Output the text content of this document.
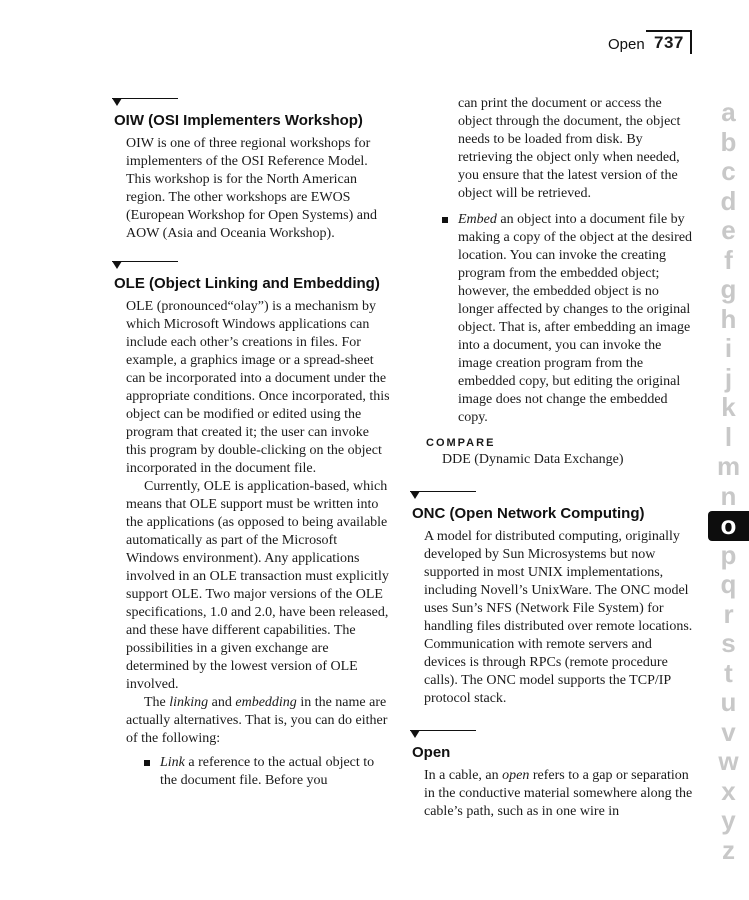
Open 737
OIW (OSI Implementers Workshop)

OIW is one of three regional workshops for implementers of the OSI Reference Model. This workshop is for the North American region. The other workshops are EWOS (European Workshop for Open Systems) and AOW (Asia and Oceania Workshop).

OLE (Object Linking and Embedding)

OLE (pronounced“olay”) is a mechanism by which Microsoft Windows applications can include each other’s creations in files. For example, a graphics image or a spread-sheet can be incorporated into a document under the appropriate conditions. Once incorporated, this object can be modified or edited using the program that created it; the user can invoke this program by double-clicking on the object incorporated in the document file.

Currently, OLE is application-based, which means that OLE support must be written into the applications (as opposed to being available automatically as part of the Microsoft Windows environment). Any applications involved in an OLE transaction must explicitly support OLE. Two major versions of the OLE specifications, 1.0 and 2.0, have been released, and these have different capabilities. The possibilities in a given exchange are determined by the lowest version of OLE involved.

The linking and embedding in the name are actually alternatives. That is, you can do either of the following:

Link a reference to the actual object to the document file. Before you
can print the document or access the object through the document, the object needs to be loaded from disk. By retrieving the object only when needed, you ensure that the latest version of the object will be retrieved.
Embed an object into a document file by making a copy of the object at the desired location. You can invoke the creating program from the embedded object; however, the embedded object is no longer affected by changes to the original object. That is, after embedding an image into a document, you can invoke the image creation program from the embedded copy, but editing the original image does not change the embedded copy.
COMPARE
DDE (Dynamic Data Exchange)
ONC (Open Network Computing)

A model for distributed computing, originally developed by Sun Microsystems but now supported in most UNIX implementations, including Novell’s UnixWare. The ONC model uses Sun’s NFS (Network File System) for handling files distributed over remote locations. Communication with remote servers and devices is through RPCs (remote procedure calls). The ONC model supports the TCP/IP protocol stack.

Open

In a cable, an open refers to a gap or separation in the conductive material somewhere along the cable’s path, such as in one wire in

a
b
c
d
e
f
g
h
i
j
k
l
m
n
o
p
q
r
s
t
u
v
w
x
y
z
